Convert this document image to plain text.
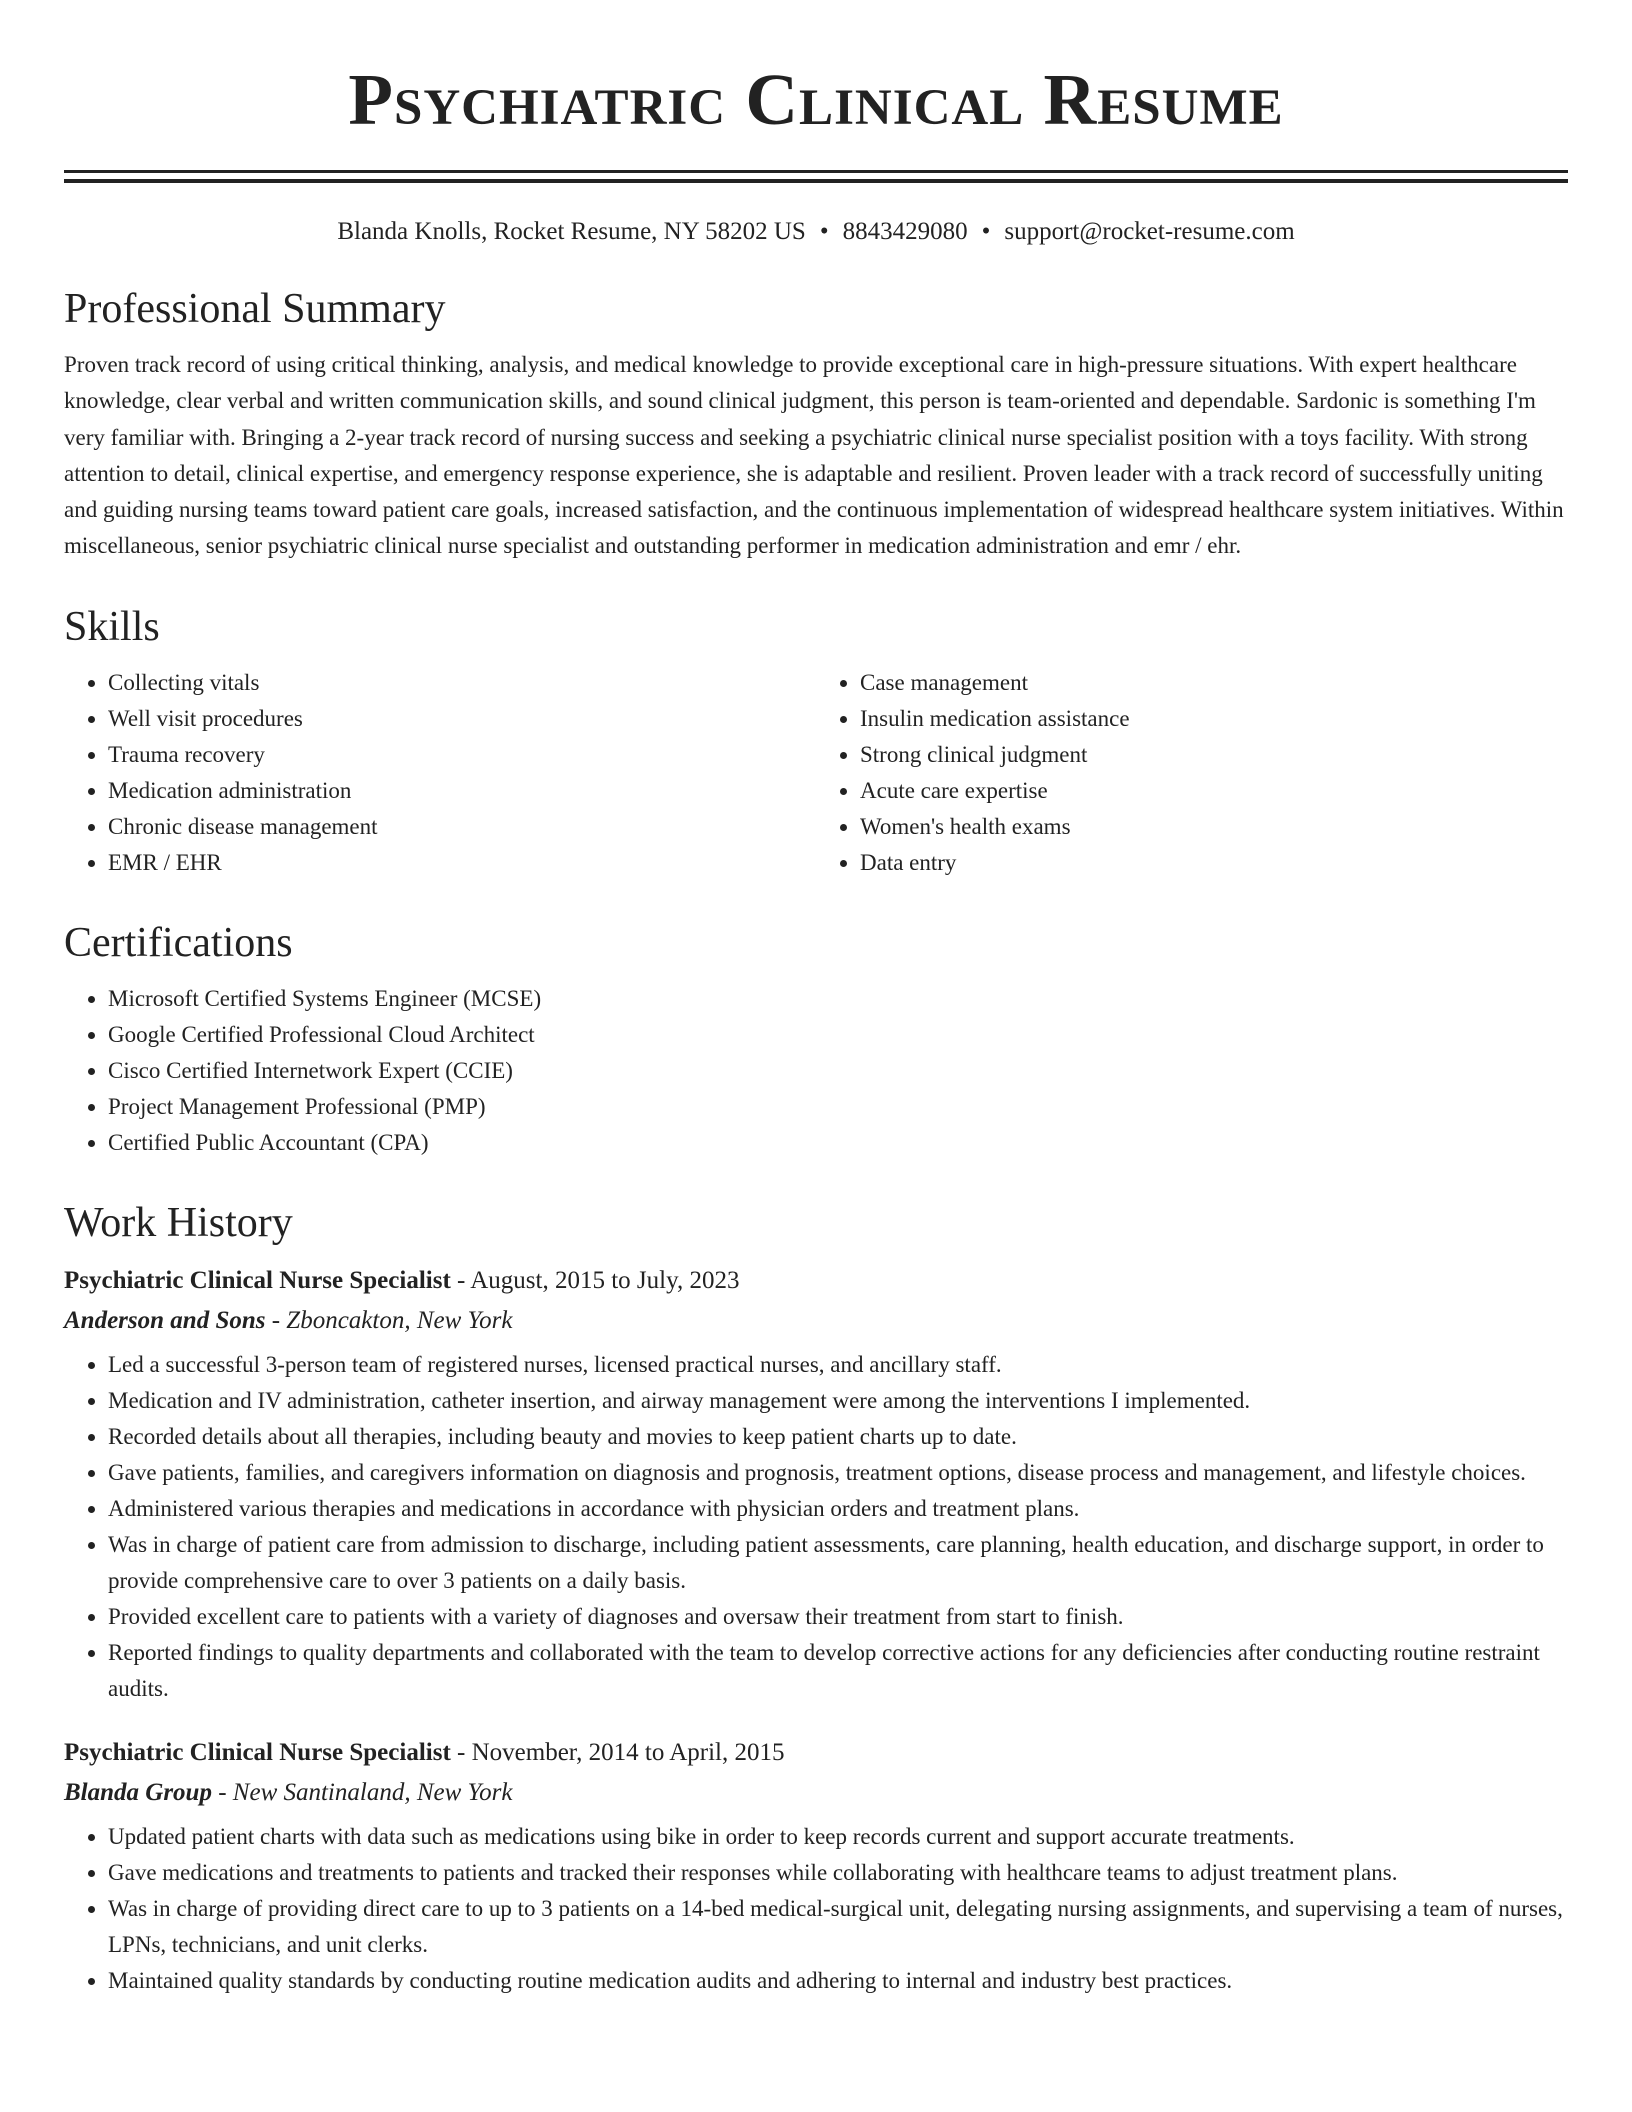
Psychiatric Clinical Resume
Blanda Knolls, Rocket Resume, NY 58202 US • 8843429080 • support@rocket-resume.com
Professional Summary

Proven track record of using critical thinking, analysis, and medical knowledge to provide exceptional care in high-pressure situations. With expert healthcare knowledge, clear verbal and written communication skills, and sound clinical judgment, this person is team-oriented and dependable. Sardonic is something I'm very familiar with. Bringing a 2-year track record of nursing success and seeking a psychiatric clinical nurse specialist position with a toys facility. With strong attention to detail, clinical expertise, and emergency response experience, she is adaptable and resilient. Proven leader with a track record of successfully uniting and guiding nursing teams toward patient care goals, increased satisfaction, and the continuous implementation of widespread healthcare system initiatives. Within miscellaneous, senior psychiatric clinical nurse specialist and outstanding performer in medication administration and emr / ehr.

Skills
• Collecting vitals
• Well visit procedures
• Trauma recovery
• Medication administration
• Chronic disease management
• EMR / EHR
• Case management
• Insulin medication assistance
• Strong clinical judgment
• Acute care expertise
• Women's health exams
• Data entry
Certifications
• Microsoft Certified Systems Engineer (MCSE)
• Google Certified Professional Cloud Architect
• Cisco Certified Internetwork Expert (CCIE)
• Project Management Professional (PMP)
• Certified Public Accountant (CPA)
Work History
Psychiatric Clinical Nurse Specialist - August, 2015 to July, 2023
Anderson and Sons - Zboncakton, New York
• Led a successful 3-person team of registered nurses, licensed practical nurses, and ancillary staff.
• Medication and IV administration, catheter insertion, and airway management were among the interventions I implemented.
• Recorded details about all therapies, including beauty and movies to keep patient charts up to date.
• Gave patients, families, and caregivers information on diagnosis and prognosis, treatment options, disease process and management, and lifestyle choices.
• Administered various therapies and medications in accordance with physician orders and treatment plans.
• Was in charge of patient care from admission to discharge, including patient assessments, care planning, health education, and discharge support, in order to provide comprehensive care to over 3 patients on a daily basis.
• Provided excellent care to patients with a variety of diagnoses and oversaw their treatment from start to finish.
• Reported findings to quality departments and collaborated with the team to develop corrective actions for any deficiencies after conducting routine restraint audits.
Psychiatric Clinical Nurse Specialist - November, 2014 to April, 2015
Blanda Group - New Santinaland, New York
• Updated patient charts with data such as medications using bike in order to keep records current and support accurate treatments.
• Gave medications and treatments to patients and tracked their responses while collaborating with healthcare teams to adjust treatment plans.
• Was in charge of providing direct care to up to 3 patients on a 14-bed medical-surgical unit, delegating nursing assignments, and supervising a team of nurses, LPNs, technicians, and unit clerks.
• Maintained quality standards by conducting routine medication audits and adhering to internal and industry best practices.
